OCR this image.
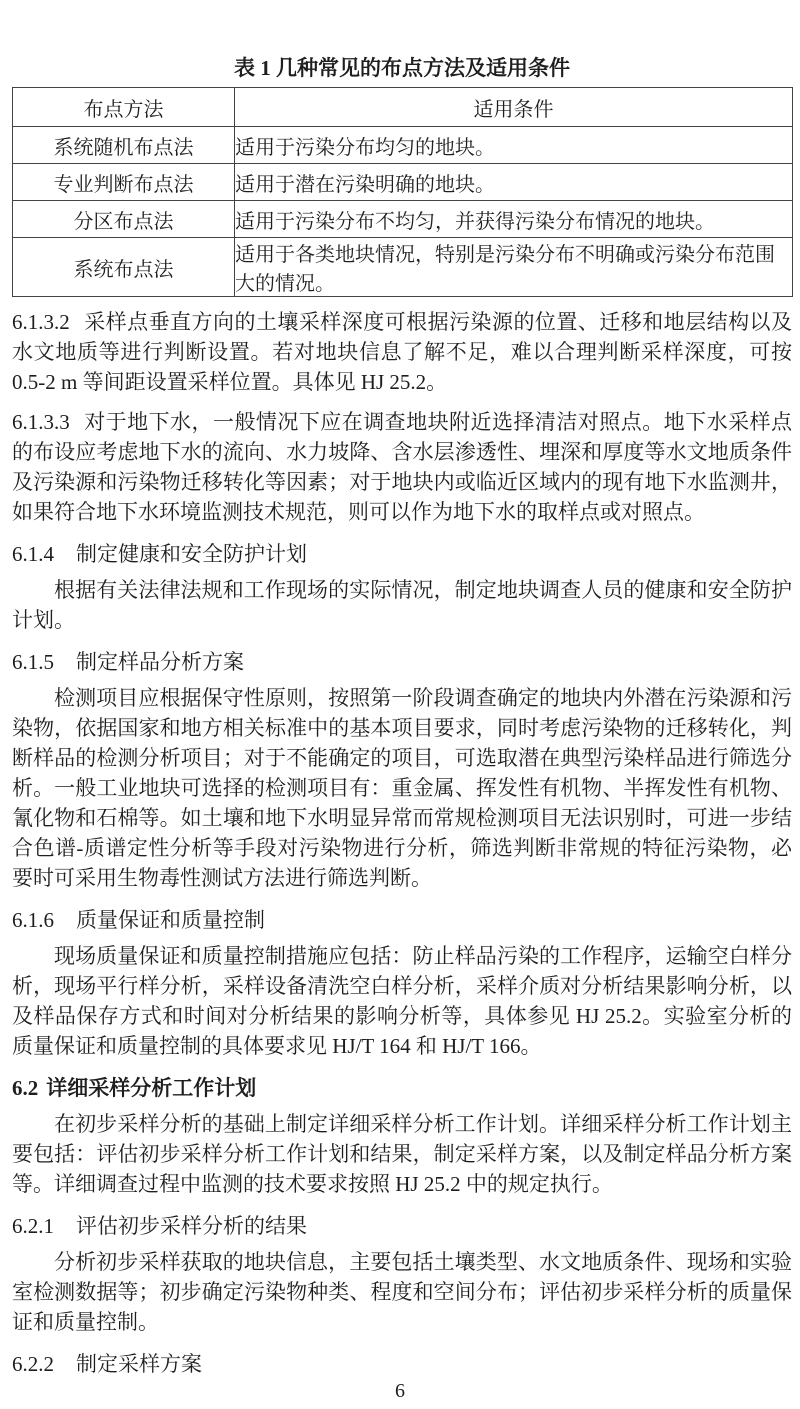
表 1 几种常见的布点方法及适用条件
布点方法	适用条件
系统随机布点法	适用于污染分布均匀的地块。
专业判断布点法	适用于潜在污染明确的地块。
分区布点法	适用于污染分布不均匀，并获得污染分布情况的地块。
系统布点法	适用于各类地块情况，特别是污染分布不明确或污染分布范围大的情况。

6.1.3.2 采样点垂直方向的土壤采样深度可根据污染源的位置、迁移和地层结构以及水文地质等进行判断设置。若对地块信息了解不足，难以合理判断采样深度，可按 0.5-2 m 等间距设置采样位置。具体见 HJ 25.2。

6.1.3.3 对于地下水，一般情况下应在调查地块附近选择清洁对照点。地下水采样点的布设应考虑地下水的流向、水力坡降、含水层渗透性、埋深和厚度等水文地质条件及污染源和污染物迁移转化等因素；对于地块内或临近区域内的现有地下水监测井，如果符合地下水环境监测技术规范，则可以作为地下水的取样点或对照点。

6.1.4 制定健康和安全防护计划

根据有关法律法规和工作现场的实际情况，制定地块调查人员的健康和安全防护计划。

6.1.5 制定样品分析方案

检测项目应根据保守性原则，按照第一阶段调查确定的地块内外潜在污染源和污染物，依据国家和地方相关标准中的基本项目要求，同时考虑污染物的迁移转化，判断样品的检测分析项目；对于不能确定的项目，可选取潜在典型污染样品进行筛选分析。一般工业地块可选择的检测项目有：重金属、挥发性有机物、半挥发性有机物、氰化物和石棉等。如土壤和地下水明显异常而常规检测项目无法识别时，可进一步结合色谱-质谱定性分析等手段对污染物进行分析，筛选判断非常规的特征污染物，必要时可采用生物毒性测试方法进行筛选判断。

6.1.6 质量保证和质量控制

现场质量保证和质量控制措施应包括：防止样品污染的工作程序，运输空白样分析，现场平行样分析，采样设备清洗空白样分析，采样介质对分析结果影响分析，以及样品保存方式和时间对分析结果的影响分析等，具体参见 HJ 25.2。实验室分析的质量保证和质量控制的具体要求见 HJ/T 164 和 HJ/T 166。

6.2 详细采样分析工作计划

在初步采样分析的基础上制定详细采样分析工作计划。详细采样分析工作计划主要包括：评估初步采样分析工作计划和结果，制定采样方案，以及制定样品分析方案等。详细调查过程中监测的技术要求按照 HJ 25.2 中的规定执行。

6.2.1 评估初步采样分析的结果

分析初步采样获取的地块信息，主要包括土壤类型、水文地质条件、现场和实验室检测数据等；初步确定污染物种类、程度和空间分布；评估初步采样分析的质量保证和质量控制。

6.2.2 制定采样方案

6
